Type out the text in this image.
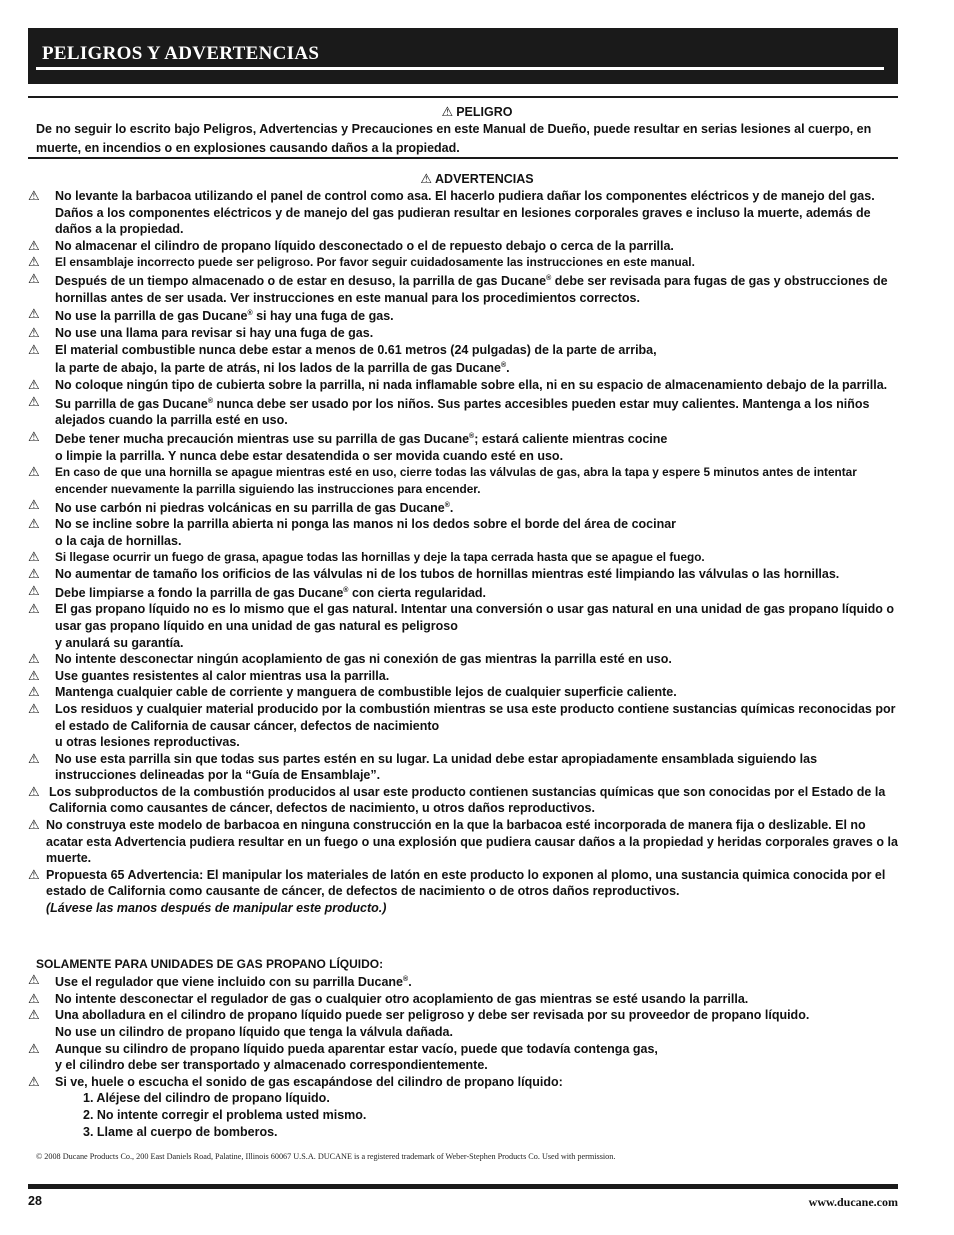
PELIGROS Y ADVERTENCIAS
⚠ PELIGRO
De no seguir lo escrito bajo Peligros, Advertencias y Precauciones en este Manual de Dueño, puede resultar en serias lesiones al cuerpo, en muerte, en incendios o en explosiones causando daños a la propiedad.
⚠ ADVERTENCIAS
⚠ No levante la barbacoa utilizando el panel de control como asa. El hacerlo pudiera dañar los componentes eléctricos y de manejo del gas. Daños a los componentes eléctricos y de manejo del gas pudieran resultar en lesiones corporales graves e incluso la muerte, además de daños a la propiedad.
⚠ No almacenar el cilindro de propano líquido desconectado o el de repuesto debajo o cerca de la parrilla.
⚠ El ensamblaje incorrecto puede ser peligroso. Por favor seguir cuidadosamente las instrucciones en este manual.
⚠ Después de un tiempo almacenado o de estar en desuso, la parrilla de gas Ducane® debe ser revisada para fugas de gas y obstrucciones de hornillas antes de ser usada. Ver instrucciones en este manual para los procedimientos correctos.
⚠ No use la parrilla de gas Ducane® si hay una fuga de gas.
⚠ No use una llama para revisar si hay una fuga de gas.
⚠ El material combustible nunca debe estar a menos de 0.61 metros (24 pulgadas) de la parte de arriba,
la parte de abajo, la parte de atrás, ni los lados de la parrilla de gas Ducane®.
⚠ No coloque ningún tipo de cubierta sobre la parrilla, ni nada inflamable sobre ella, ni en su espacio de almacenamiento debajo de la parrilla.
⚠ Su parrilla de gas Ducane® nunca debe ser usado por los niños. Sus partes accesibles pueden estar muy calientes. Mantenga a los niños alejados cuando la parrilla esté en uso.
⚠ Debe tener mucha precaución mientras use su parrilla de gas Ducane®; estará caliente mientras cocine
o limpie la parrilla. Y nunca debe estar desatendida o ser movida cuando esté en uso.
⚠ En caso de que una hornilla se apague mientras esté en uso, cierre todas las válvulas de gas, abra la tapa y espere 5 minutos antes de intentar encender nuevamente la parrilla siguiendo las instrucciones para encender.
⚠ No use carbón ni piedras volcánicas en su parrilla de gas Ducane®.
⚠ No se incline sobre la parrilla abierta ni ponga las manos ni los dedos sobre el borde del área de cocinar
o la caja de hornillas.
⚠ Si llegase ocurrir un fuego de grasa, apague todas las hornillas y deje la tapa cerrada hasta que se apague el fuego.
⚠ No aumentar de tamaño los orificios de las válvulas ni de los tubos de hornillas mientras esté limpiando las válvulas o las hornillas.
⚠ Debe limpiarse a fondo la parrilla de gas Ducane® con cierta regularidad.
⚠ El gas propano líquido no es lo mismo que el gas natural. Intentar una conversión o usar gas natural en una unidad de gas propano líquido o usar gas propano líquido en una unidad de gas natural es peligroso
y anulará su garantía.
⚠ No intente desconectar ningún acoplamiento de gas ni conexión de gas mientras la parrilla esté en uso.
⚠ Use guantes resistentes al calor mientras usa la parrilla.
⚠ Mantenga cualquier cable de corriente y manguera de combustible lejos de cualquier superficie caliente.
⚠ Los residuos y cualquier material producido por la combustión mientras se usa este producto contiene sustancias químicas reconocidas por el estado de California de causar cáncer, defectos de nacimiento
u otras lesiones reproductivas.
⚠ No use esta parrilla sin que todas sus partes estén en su lugar. La unidad debe estar apropiadamente ensamblada siguiendo las instrucciones delineadas por la “Guía de Ensamblaje”.
⚠ Los subproductos de la combustión producidos al usar este producto contienen sustancias químicas que son conocidas por el Estado de la California como causantes de cáncer, defectos de nacimiento, u otros daños reproductivos.
⚠ No construya este modelo de barbacoa en ninguna construcción en la que la barbacoa esté incorporada de manera fija o deslizable. El no acatar esta Advertencia pudiera resultar en un fuego o una explosión que pudiera causar daños a la propiedad y heridas corporales graves o la muerte.
⚠ Propuesta 65 Advertencia: El manipular los materiales de latón en este producto lo exponen al plomo, una sustancia quimica conocida por el estado de California como causante de cáncer, de defectos de nacimiento o de otros daños reproductivos.
(Lávese las manos después de manipular este producto.)
SOLAMENTE PARA UNIDADES DE GAS PROPANO LÍQUIDO:
⚠ Use el regulador que viene incluido con su parrilla Ducane®.
⚠ No intente desconectar el regulador de gas o cualquier otro acoplamiento de gas mientras se esté usando la parrilla.
⚠ Una abolladura en el cilindro de propano líquido puede ser peligroso y debe ser revisada por su proveedor de propano líquido.
No use un cilindro de propano líquido que tenga la válvula dañada.
⚠ Aunque su cilindro de propano líquido pueda aparentar estar vacío, puede que todavía contenga gas,
y el cilindro debe ser transportado y almacenado correspondientemente.
⚠ Si ve, huele o escucha el sonido de gas escapándose del cilindro de propano líquido:
1. Aléjese del cilindro de propano líquido.
2. No intente corregir el problema usted mismo.
3. Llame al cuerpo de bomberos.
© 2008 Ducane Products Co., 200 East Daniels Road, Palatine, Illinois 60067 U.S.A. DUCANE is a registered trademark of Weber-Stephen Products Co. Used with permission.
28	www.ducane.com
